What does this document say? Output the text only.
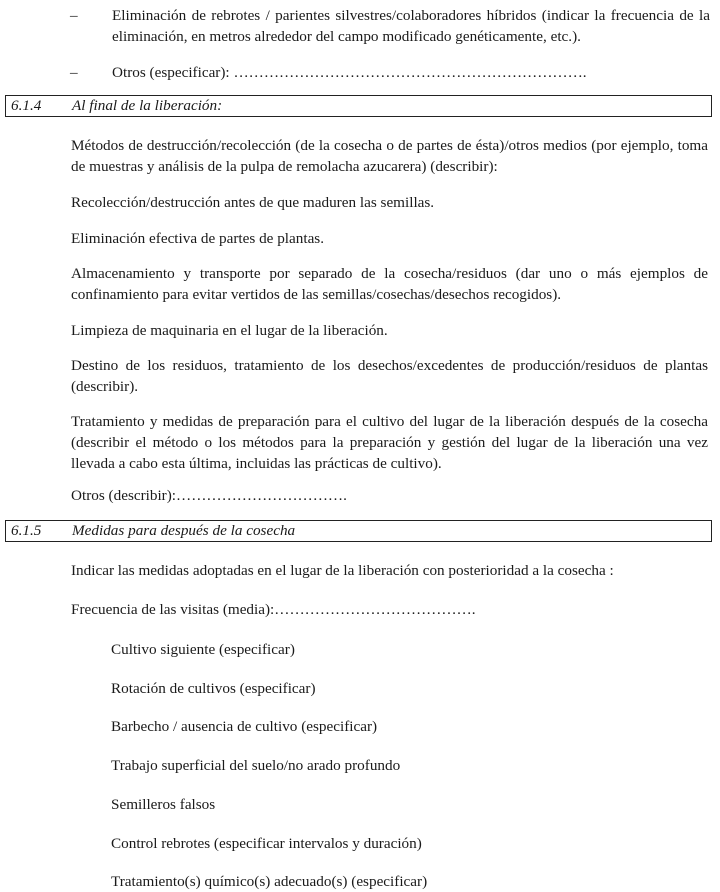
–	Eliminación de rebrotes / parientes silvestres/colaboradores híbridos (indicar la frecuencia de la eliminación, en metros alrededor del campo modificado genéticamente, etc.).
–	Otros (especificar): …………………………………………………………….
6.1.4 Al final de la liberación:
Métodos de destrucción/recolección (de la cosecha o de partes de ésta)/otros medios (por ejemplo, toma de muestras y análisis de la pulpa de remolacha azucarera) (describir):
Recolección/destrucción antes de que maduren las semillas.
Eliminación efectiva de partes de plantas.
Almacenamiento y transporte por separado de la cosecha/residuos (dar uno o más ejemplos de confinamiento para evitar vertidos de las semillas/cosechas/desechos recogidos).
Limpieza de maquinaria en el lugar de la liberación.
Destino de los residuos, tratamiento de los desechos/excedentes de producción/residuos de plantas (describir).
Tratamiento y medidas de preparación para el cultivo del lugar de la liberación después de la cosecha (describir el método o los métodos para la preparación y gestión del lugar de la liberación una vez llevada a cabo esta última, incluidas las prácticas de cultivo).
Otros (describir):…………………………….
6.1.5 Medidas para después de la cosecha
Indicar las medidas adoptadas en el lugar de la liberación con posterioridad a la cosecha :
Frecuencia de las visitas (media):………………………………….
Cultivo siguiente (especificar)
Rotación de cultivos (especificar)
Barbecho / ausencia de cultivo (especificar)
Trabajo superficial del suelo/no arado profundo
Semilleros falsos
Control rebrotes (especificar intervalos y duración)
Tratamiento(s) químico(s) adecuado(s) (especificar)
